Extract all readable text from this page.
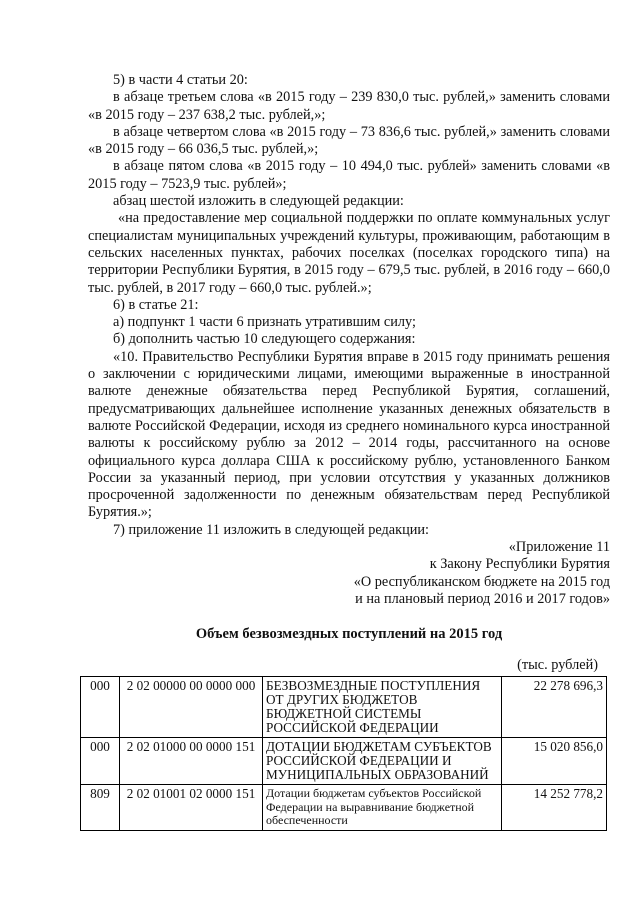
5) в части 4 статьи 20:

в абзаце третьем слова «в 2015 году – 239 830,0 тыс. рублей,» заменить словами «в 2015 году – 237 638,2 тыс. рублей,»;

в абзаце четвертом слова «в 2015 году – 73 836,6 тыс. рублей,» заменить словами «в 2015 году – 66 036,5 тыс. рублей,»;

в абзаце пятом слова «в 2015 году – 10 494,0 тыс. рублей» заменить словами «в 2015 году – 7523,9 тыс. рублей»;

абзац шестой изложить в следующей редакции:

«на предоставление мер социальной поддержки по оплате коммунальных услуг специалистам муниципальных учреждений культуры, проживающим, работающим в сельских населенных пунктах, рабочих поселках (поселках городского типа) на территории Республики Бурятия, в 2015 году – 679,5 тыс. рублей, в 2016 году – 660,0 тыс. рублей, в 2017 году – 660,0 тыс. рублей.»;

6) в статье 21:

а) подпункт 1 части 6 признать утратившим силу;

б) дополнить частью 10 следующего содержания:

«10. Правительство Республики Бурятия вправе в 2015 году принимать решения о заключении с юридическими лицами, имеющими выраженные в иностранной валюте денежные обязательства перед Республикой Бурятия, соглашений, предусматривающих дальнейшее исполнение указанных денежных обязательств в валюте Российской Федерации, исходя из среднего номинального курса иностранной валюты к российскому рублю за 2012 – 2014 годы, рассчитанного на основе официального курса доллара США к российскому рублю, установленного Банком России за указанный период, при условии отсутствия у указанных должников просроченной задолженности по денежным обязательствам перед Республикой Бурятия.»;

7) приложение 11 изложить в следующей редакции:

«Приложение 11

к Закону Республики Бурятия

«О республиканском бюджете на 2015 год

и на плановый период 2016 и 2017 годов»

Объем безвозмездных поступлений на 2015 год
(тыс. рублей)
000	2 02 00000 00 0000 000	БЕЗВОЗМЕЗДНЫЕ ПОСТУПЛЕНИЯ ОТ ДРУГИХ БЮДЖЕТОВ БЮДЖЕТНОЙ СИСТЕМЫ РОССИЙСКОЙ ФЕДЕРАЦИИ	22 278 696,3
000	2 02 01000 00 0000 151	ДОТАЦИИ БЮДЖЕТАМ СУБЪЕКТОВ РОССИЙСКОЙ ФЕДЕРАЦИИ И МУНИЦИПАЛЬНЫХ ОБРАЗОВАНИЙ	15 020 856,0
809	2 02 01001 02 0000 151	Дотации бюджетам субъектов Российской Федерации на выравнивание бюджетной обеспеченности	14 252 778,2
